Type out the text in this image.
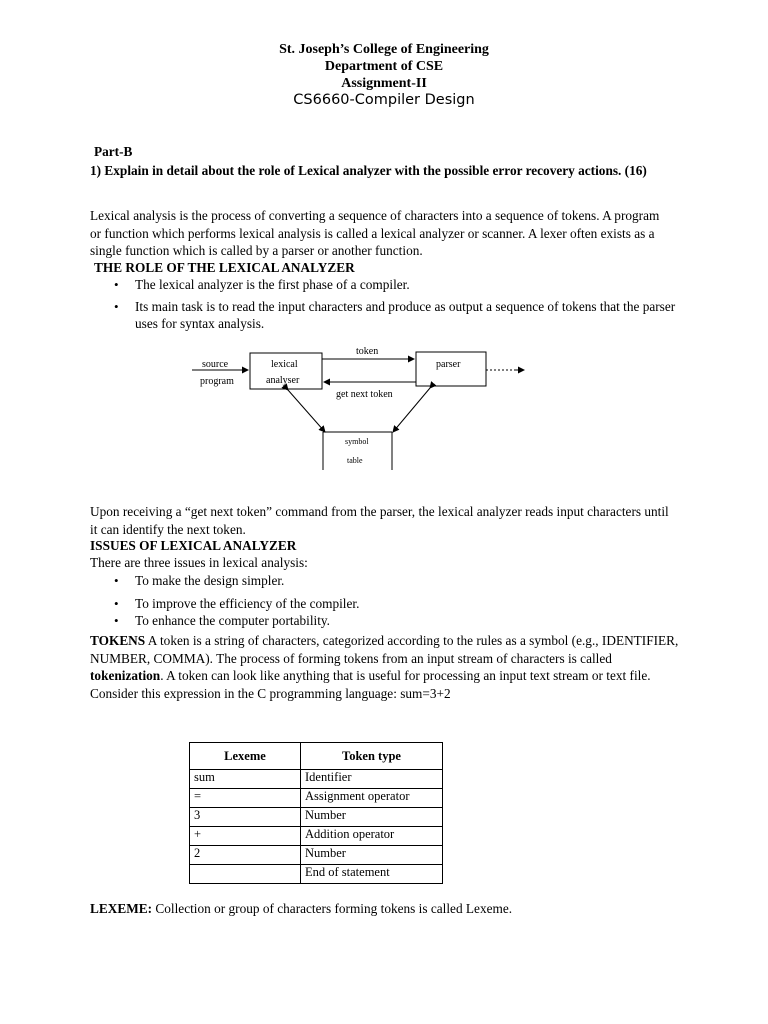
St. Joseph’s College of Engineering
Department of CSE
Assignment-II
CS6660-Compiler Design
Part-B
1) Explain in detail about the role of Lexical analyzer with the possible error recovery actions. (16)
Lexical analysis is the process of converting a sequence of characters into a sequence of tokens. A program or function which performs lexical analysis is called a lexical analyzer or scanner. A lexer often exists as a single function which is called by a parser or another function.
THE ROLE OF THE LEXICAL ANALYZER
• The lexical analyzer is the first phase of a compiler.
• Its main task is to read the input characters and produce as output a sequence of tokens that the parser uses for syntax analysis.
source
program
lexical
analyser
token
parser
get next token
symbol
table
Upon receiving a “get next token” command from the parser, the lexical analyzer reads input characters until it can identify the next token.
ISSUES OF LEXICAL ANALYZER
There are three issues in lexical analysis:
• To make the design simpler.
• To improve the efficiency of the compiler.
• To enhance the computer portability.
TOKENS A token is a string of characters, categorized according to the rules as a symbol (e.g., IDENTIFIER, NUMBER, COMMA). The process of forming tokens from an input stream of characters is called tokenization. A token can look like anything that is useful for processing an input text stream or text file. Consider this expression in the C programming language: sum=3+2
Lexeme	Token type
sum	Identifier
=	Assignment operator
3	Number
+	Addition operator
2	Number
	End of statement
LEXEME: Collection or group of characters forming tokens is called Lexeme.
